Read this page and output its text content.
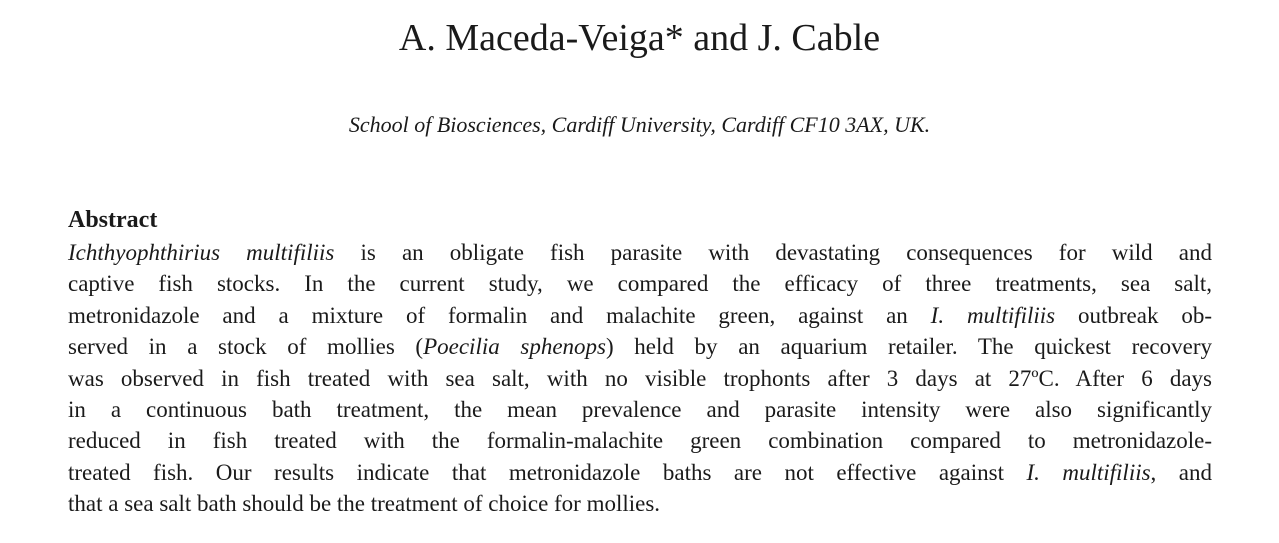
A. Maceda-Veiga* and J. Cable
School of Biosciences, Cardiff University, Cardiff CF10 3AX, UK.
Abstract
Ichthyophthirius multifiliis is an obligate fish parasite with devastating consequences for wild and
captive fish stocks. In the current study, we compared the efficacy of three treatments, sea salt,
metronidazole and a mixture of formalin and malachite green, against an I. multifiliis outbreak ob-
served in a stock of mollies (Poecilia sphenops) held by an aquarium retailer. The quickest recovery
was observed in fish treated with sea salt, with no visible trophonts after 3 days at 27ºC. After 6 days
in a continuous bath treatment, the mean prevalence and parasite intensity were also significantly
reduced in fish treated with the formalin-malachite green combination compared to metronidazole-
treated fish. Our results indicate that metronidazole baths are not effective against I. multifiliis, and
that a sea salt bath should be the treatment of choice for mollies.
